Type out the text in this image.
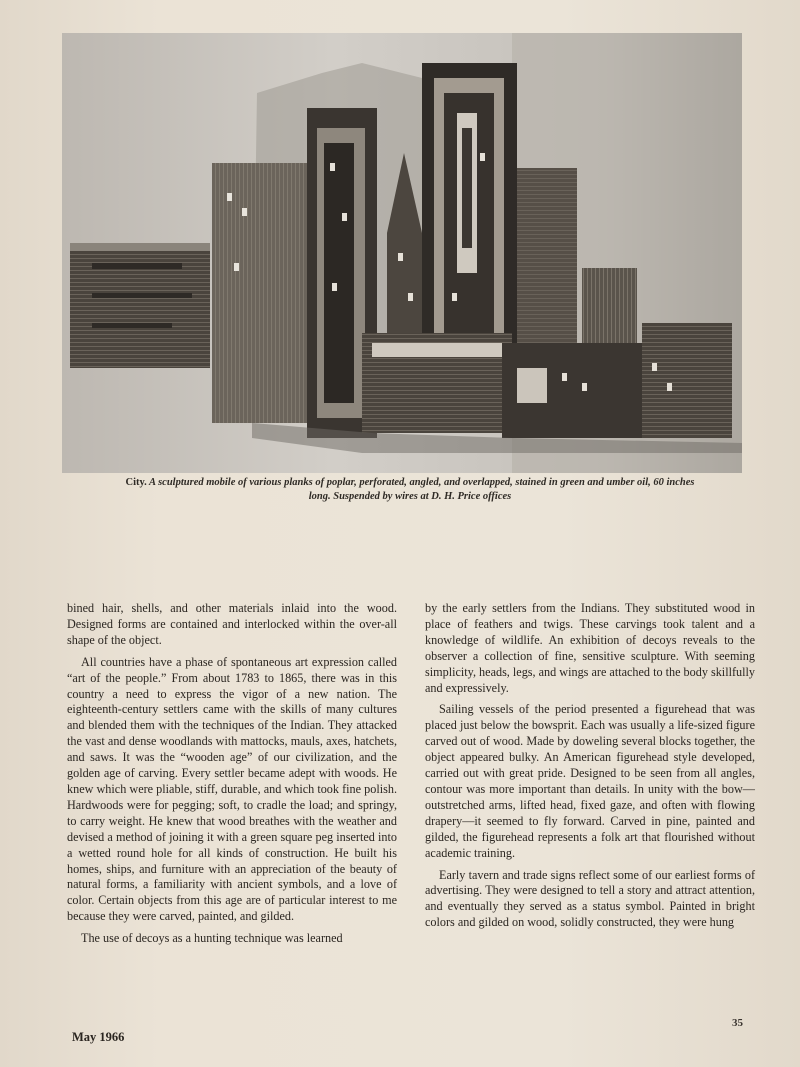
City. A sculptured mobile of various planks of poplar, perforated, angled, and overlapped, stained in green and umber oil, 60 inches long. Suspended by wires at D. H. Price offices

bined hair, shells, and other materials inlaid into the wood. Designed forms are contained and interlocked within the over-all shape of the object.

All countries have a phase of spontaneous art expression called “art of the people.” From about 1783 to 1865, there was in this country a need to express the vigor of a new nation. The eighteenth-century settlers came with the skills of many cultures and blended them with the techniques of the Indian. They attacked the vast and dense woodlands with mattocks, mauls, axes, hatchets, and saws. It was the “wooden age” of our civilization, and the golden age of carving. Every settler became adept with woods. He knew which were pliable, stiff, durable, and which took fine polish. Hardwoods were for pegging; soft, to cradle the load; and springy, to carry weight. He knew that wood breathes with the weather and devised a method of joining it with a green square peg inserted into a wetted round hole for all kinds of construction. He built his homes, ships, and furniture with an appreciation of the beauty of natural forms, a familiarity with ancient symbols, and a love of color. Certain objects from this age are of particular interest to me because they were carved, painted, and gilded.

The use of decoys as a hunting technique was learned

by the early settlers from the Indians. They substituted wood in place of feathers and twigs. These carvings took talent and a knowledge of wildlife. An exhibition of decoys reveals to the observer a collection of fine, sensitive sculpture. With seeming simplicity, heads, legs, and wings are attached to the body skillfully and expressively.

Sailing vessels of the period presented a figurehead that was placed just below the bowsprit. Each was usually a life-sized figure carved out of wood. Made by doweling several blocks together, the object appeared bulky. An American figurehead style developed, carried out with great pride. Designed to be seen from all angles, contour was more important than details. In unity with the bow—outstretched arms, lifted head, fixed gaze, and often with flowing drapery—it seemed to fly forward. Carved in pine, painted and gilded, the figurehead represents a folk art that flourished without academic training.

Early tavern and trade signs reflect some of our earliest forms of advertising. They were designed to tell a story and attract attention, and eventually they served as a status symbol. Painted in bright colors and gilded on wood, solidly constructed, they were hung

May 1966
35
